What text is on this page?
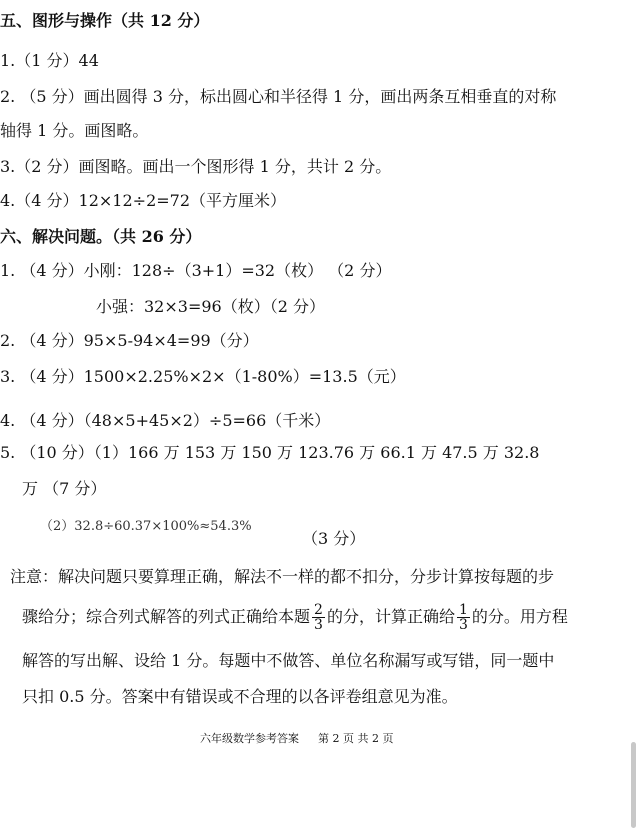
五、图形与操作（共 12 分）
1.（1 分）44
2. （5 分）画出圆得 3 分，标出圆心和半径得 1 分，画出两条互相垂直的对称
轴得 1 分。画图略。
3.（2 分）画图略。画出一个图形得 1 分，共计 2 分。
4.（4 分）12×12÷2=72（平方厘米）
六、解决问题。（共 26 分）
1. （4 分）小刚：128÷（3+1）=32（枚） （2 分）
小强：32×3=96（枚）（2 分）
2. （4 分）95×5-94×4=99（分）
3. （4 分）1500×2.25%×2×（1-80%）=13.5（元）
4. （4 分）（48×5+45×2）÷5=66（千米）
5. （10 分）（1）166 万 153 万 150 万 123.76 万 66.1 万 47.5 万 32.8
万 （7 分）
（2）32.8÷60.37×100%≈54.3%
（3 分）
注意：解决问题只要算理正确，解法不一样的都不扣分，分步计算按每题的步
骤给分；综合列式解答的列式正确给本题 $\frac{2}{3}$ 的分，计算正确给 $\frac{1}{3}$ 的分。用方程
解答的写出解、设给 1 分。每题中不做答、单位名称漏写或写错，同一题中
只扣 0.5 分。答案中有错误或不合理的以各评卷组意见为准。
六年级数学参考答案 第 2 页 共 2 页
